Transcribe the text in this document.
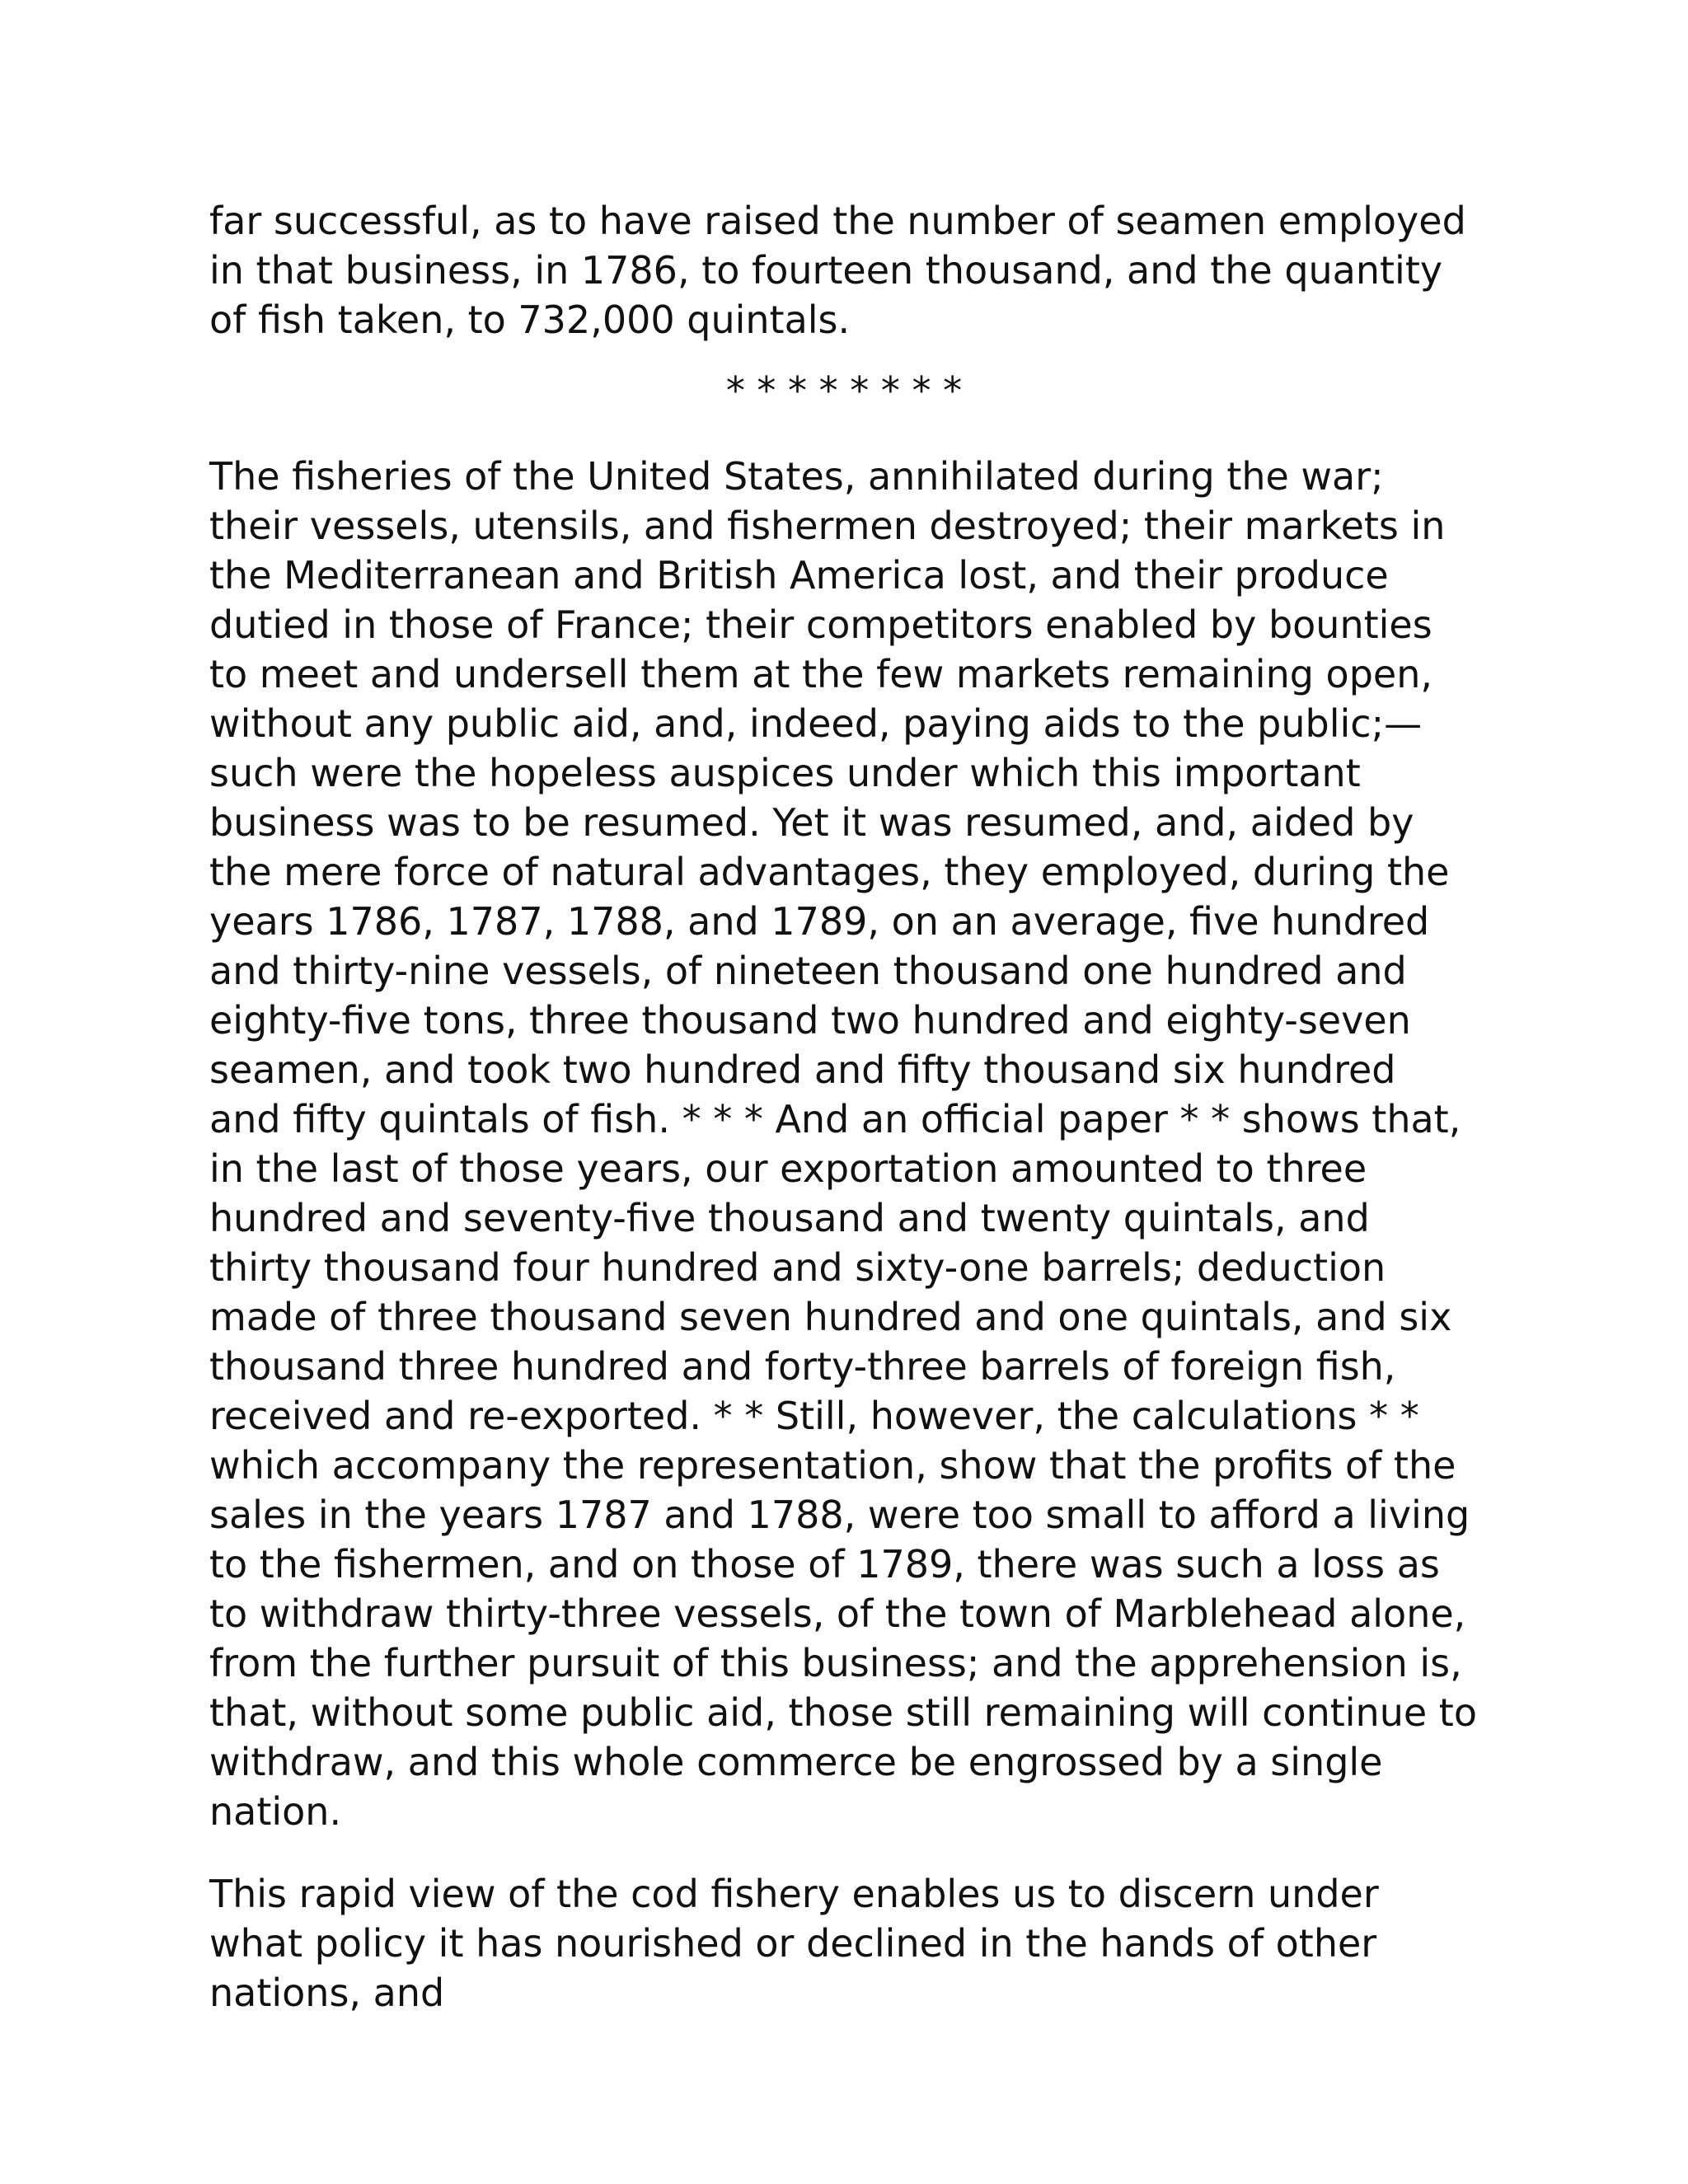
far successful, as to have raised the number of seamen employed in that business, in 1786, to fourteen thousand, and the quantity of fish taken, to 732,000 quintals.

* * * * * * * *

The fisheries of the United States, annihilated during the war; their vessels, utensils, and fishermen destroyed; their markets in the Mediterranean and British America lost, and their produce dutied in those of France; their competitors enabled by bounties to meet and undersell them at the few markets remaining open, without any public aid, and, indeed, paying aids to the public;—such were the hopeless auspices under which this important business was to be resumed. Yet it was resumed, and, aided by the mere force of natural advantages, they employed, during the years 1786, 1787, 1788, and 1789, on an average, five hundred and thirty-nine vessels, of nineteen thousand one hundred and eighty-five tons, three thousand two hundred and eighty-seven seamen, and took two hundred and fifty thousand six hundred and fifty quintals of fish. * * * And an official paper * * shows that, in the last of those years, our exportation amounted to three hundred and seventy-five thousand and twenty quintals, and thirty thousand four hundred and sixty-one barrels; deduction made of three thousand seven hundred and one quintals, and six thousand three hundred and forty-three barrels of foreign fish, received and re-exported. * * Still, however, the calculations * * which accompany the representation, show that the profits of the sales in the years 1787 and 1788, were too small to afford a living to the fishermen, and on those of 1789, there was such a loss as to withdraw thirty-three vessels, of the town of Marblehead alone, from the further pursuit of this business; and the apprehension is, that, without some public aid, those still remaining will continue to withdraw, and this whole commerce be engrossed by a single nation.

This rapid view of the cod fishery enables us to discern under what policy it has nourished or declined in the hands of other nations, and
